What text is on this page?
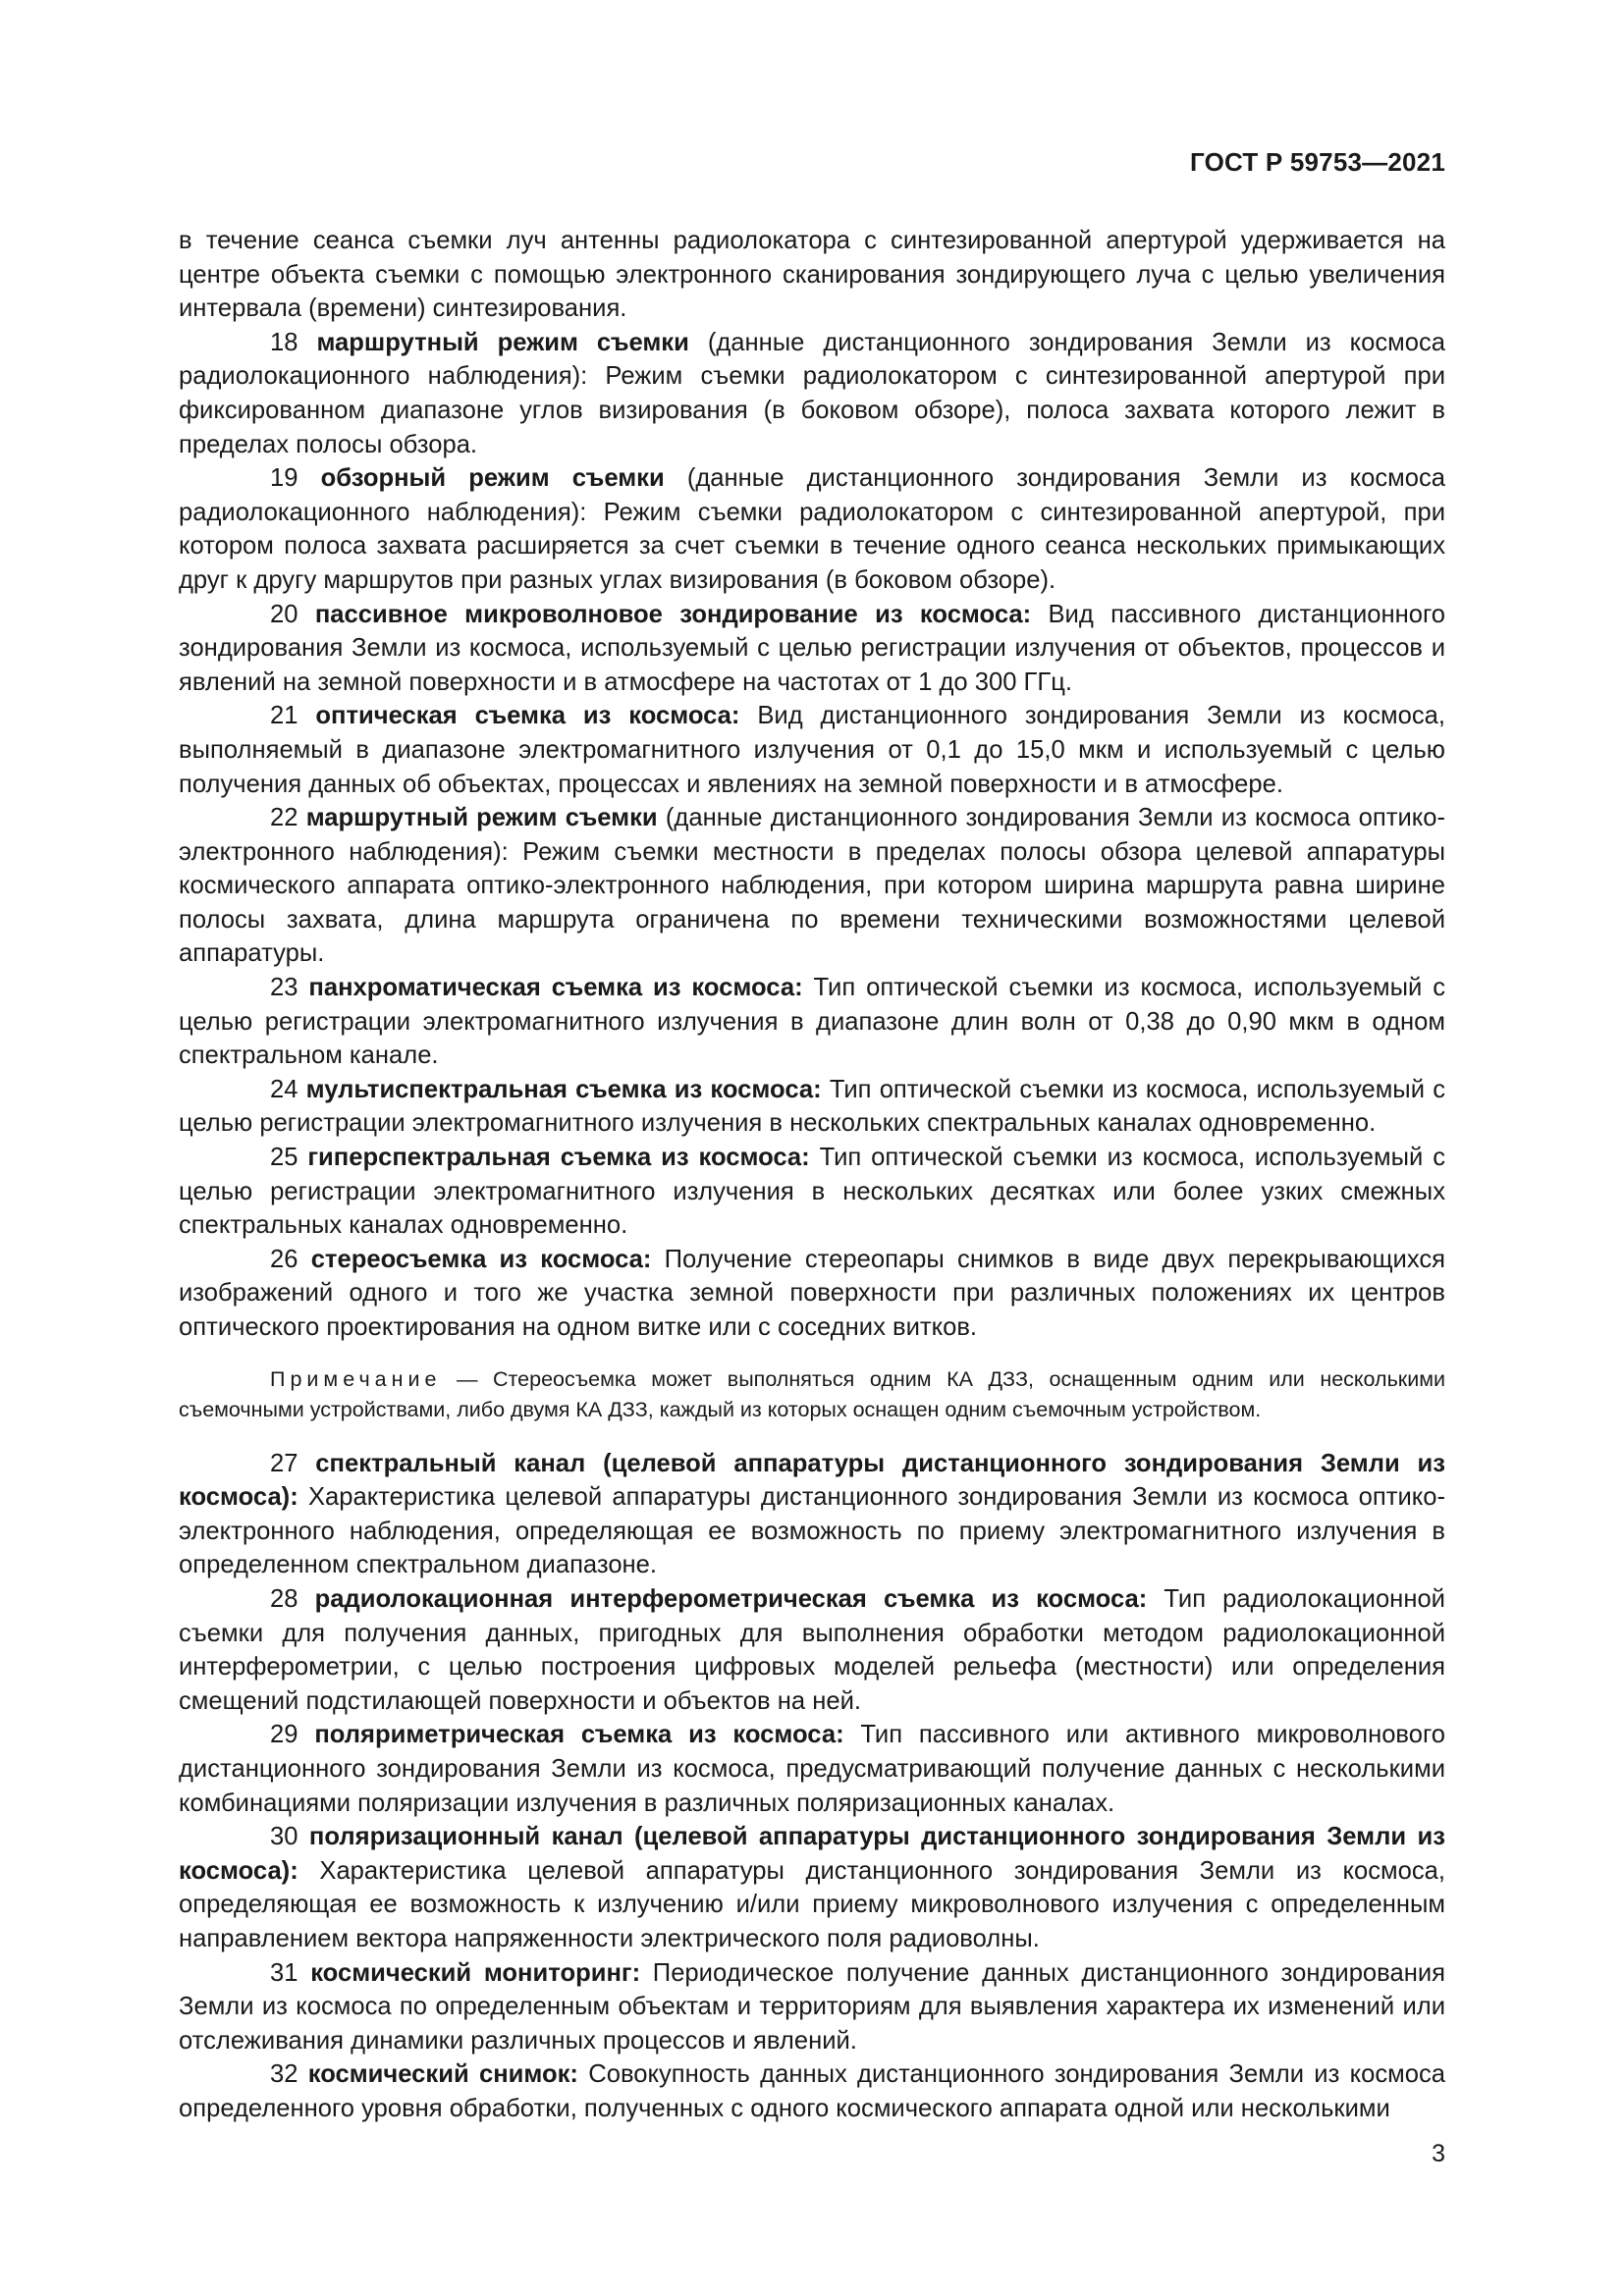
ГОСТ Р 59753—2021

в течение сеанса съемки луч антенны радиолокатора с синтезированной апертурой удерживается на центре объекта съемки с помощью электронного сканирования зондирующего луча с целью увеличения интервала (времени) синтезирования.

18 маршрутный режим съемки (данные дистанционного зондирования Земли из космоса радиолокационного наблюдения): Режим съемки радиолокатором с синтезированной апертурой при фиксированном диапазоне углов визирования (в боковом обзоре), полоса захвата которого лежит в пределах полосы обзора.

19 обзорный режим съемки (данные дистанционного зондирования Земли из космоса радиолокационного наблюдения): Режим съемки радиолокатором с синтезированной апертурой, при котором полоса захвата расширяется за счет съемки в течение одного сеанса нескольких примыкающих друг к другу маршрутов при разных углах визирования (в боковом обзоре).

20 пассивное микроволновое зондирование из космоса: Вид пассивного дистанционного зондирования Земли из космоса, используемый с целью регистрации излучения от объектов, процессов и явлений на земной поверхности и в атмосфере на частотах от 1 до 300 ГГц.

21 оптическая съемка из космоса: Вид дистанционного зондирования Земли из космоса, выполняемый в диапазоне электромагнитного излучения от 0,1 до 15,0 мкм и используемый с целью получения данных об объектах, процессах и явлениях на земной поверхности и в атмосфере.

22 маршрутный режим съемки (данные дистанционного зондирования Земли из космоса оптико-электронного наблюдения): Режим съемки местности в пределах полосы обзора целевой аппаратуры космического аппарата оптико-электронного наблюдения, при котором ширина маршрута равна ширине полосы захвата, длина маршрута ограничена по времени техническими возможностями целевой аппаратуры.

23 панхроматическая съемка из космоса: Тип оптической съемки из космоса, используемый с целью регистрации электромагнитного излучения в диапазоне длин волн от 0,38 до 0,90 мкм в одном спектральном канале.

24 мультиспектральная съемка из космоса: Тип оптической съемки из космоса, используемый с целью регистрации электромагнитного излучения в нескольких спектральных каналах одновременно.

25 гиперспектральная съемка из космоса: Тип оптической съемки из космоса, используемый с целью регистрации электромагнитного излучения в нескольких десятках или более узких смежных спектральных каналах одновременно.

26 стереосъемка из космоса: Получение стереопары снимков в виде двух перекрывающихся изображений одного и того же участка земной поверхности при различных положениях их центров оптического проектирования на одном витке или с соседних витков.

Примечание — Стереосъемка может выполняться одним КА ДЗЗ, оснащенным одним или несколькими съемочными устройствами, либо двумя КА ДЗЗ, каждый из которых оснащен одним съемочным устройством.

27 спектральный канал (целевой аппаратуры дистанционного зондирования Земли из космоса): Характеристика целевой аппаратуры дистанционного зондирования Земли из космоса оптико-электронного наблюдения, определяющая ее возможность по приему электромагнитного излучения в определенном спектральном диапазоне.

28 радиолокационная интерферометрическая съемка из космоса: Тип радиолокационной съемки для получения данных, пригодных для выполнения обработки методом радиолокационной интерферометрии, с целью построения цифровых моделей рельефа (местности) или определения смещений подстилающей поверхности и объектов на ней.

29 поляриметрическая съемка из космоса: Тип пассивного или активного микроволнового дистанционного зондирования Земли из космоса, предусматривающий получение данных с несколькими комбинациями поляризации излучения в различных поляризационных каналах.

30 поляризационный канал (целевой аппаратуры дистанционного зондирования Земли из космоса): Характеристика целевой аппаратуры дистанционного зондирования Земли из космоса, определяющая ее возможность к излучению и/или приему микроволнового излучения с определенным направлением вектора напряженности электрического поля радиоволны.

31 космический мониторинг: Периодическое получение данных дистанционного зондирования Земли из космоса по определенным объектам и территориям для выявления характера их изменений или отслеживания динамики различных процессов и явлений.

32 космический снимок: Совокупность данных дистанционного зондирования Земли из космоса определенного уровня обработки, полученных с одного космического аппарата одной или несколькими

3
